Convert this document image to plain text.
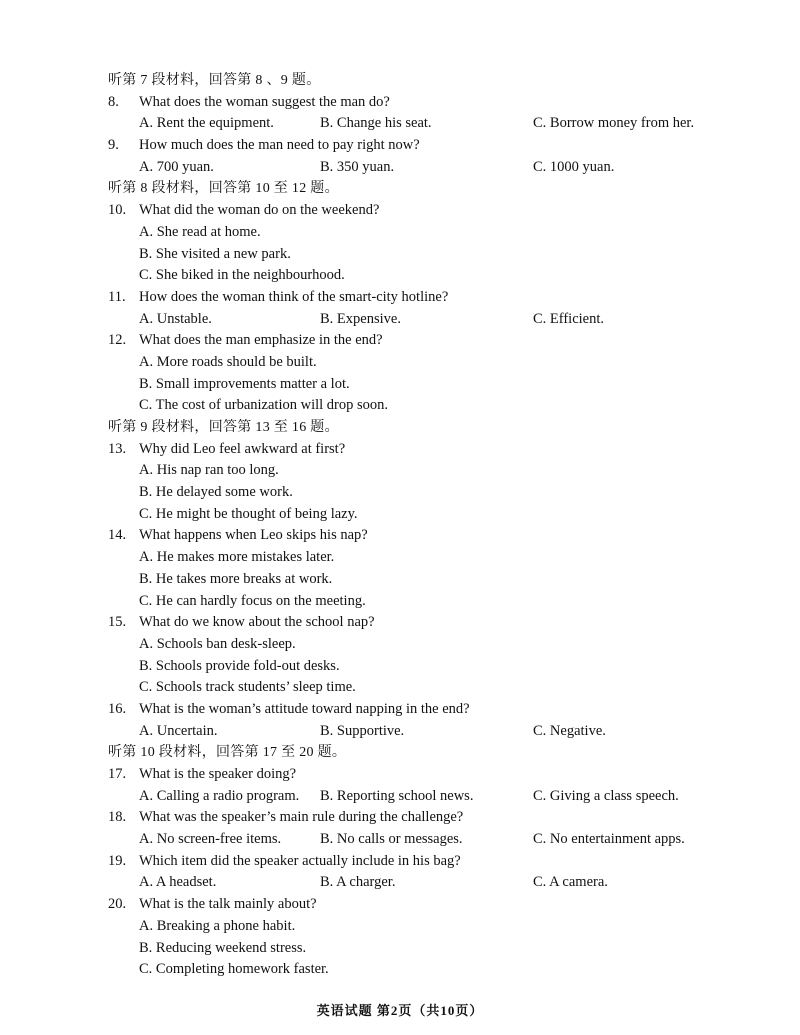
听第 7 段材料，回答第 8 、9 题。
8. What does the woman suggest the man do?
A. Rent the equipment.	B. Change his seat.	C. Borrow money from her.
9. How much does the man need to pay right now?
A. 700 yuan.	B. 350 yuan.	C. 1000 yuan.
听第 8 段材料，回答第 10 至 12 题。
10. What did the woman do on the weekend?
A. She read at home.
B. She visited a new park.
C. She biked in the neighbourhood.
11. How does the woman think of the smart-city hotline?
A. Unstable.	B. Expensive.	C. Efficient.
12. What does the man emphasize in the end?
A. More roads should be built.
B. Small improvements matter a lot.
C. The cost of urbanization will drop soon.
听第 9 段材料，回答第 13 至 16 题。
13. Why did Leo feel awkward at first?
A. His nap ran too long.
B. He delayed some work.
C. He might be thought of being lazy.
14. What happens when Leo skips his nap?
A. He makes more mistakes later.
B. He takes more breaks at work.
C. He can hardly focus on the meeting.
15. What do we know about the school nap?
A. Schools ban desk-sleep.
B. Schools provide fold-out desks.
C. Schools track students’ sleep time.
16. What is the woman’s attitude toward napping in the end?
A. Uncertain.	B. Supportive.	C. Negative.
听第 10 段材料，回答第 17 至 20 题。
17. What is the speaker doing?
A. Calling a radio program. B. Reporting school news.	C. Giving a class speech.
18. What was the speaker’s main rule during the challenge?
A. No screen-free items.	B. No calls or messages.	C. No entertainment apps.
19. Which item did the speaker actually include in his bag?
A. A headset.	B. A charger.	C. A camera.
20. What is the talk mainly about?
A. Breaking a phone habit.
B. Reducing weekend stress.
C. Completing homework faster.
英语试题 第2页（共10页）
